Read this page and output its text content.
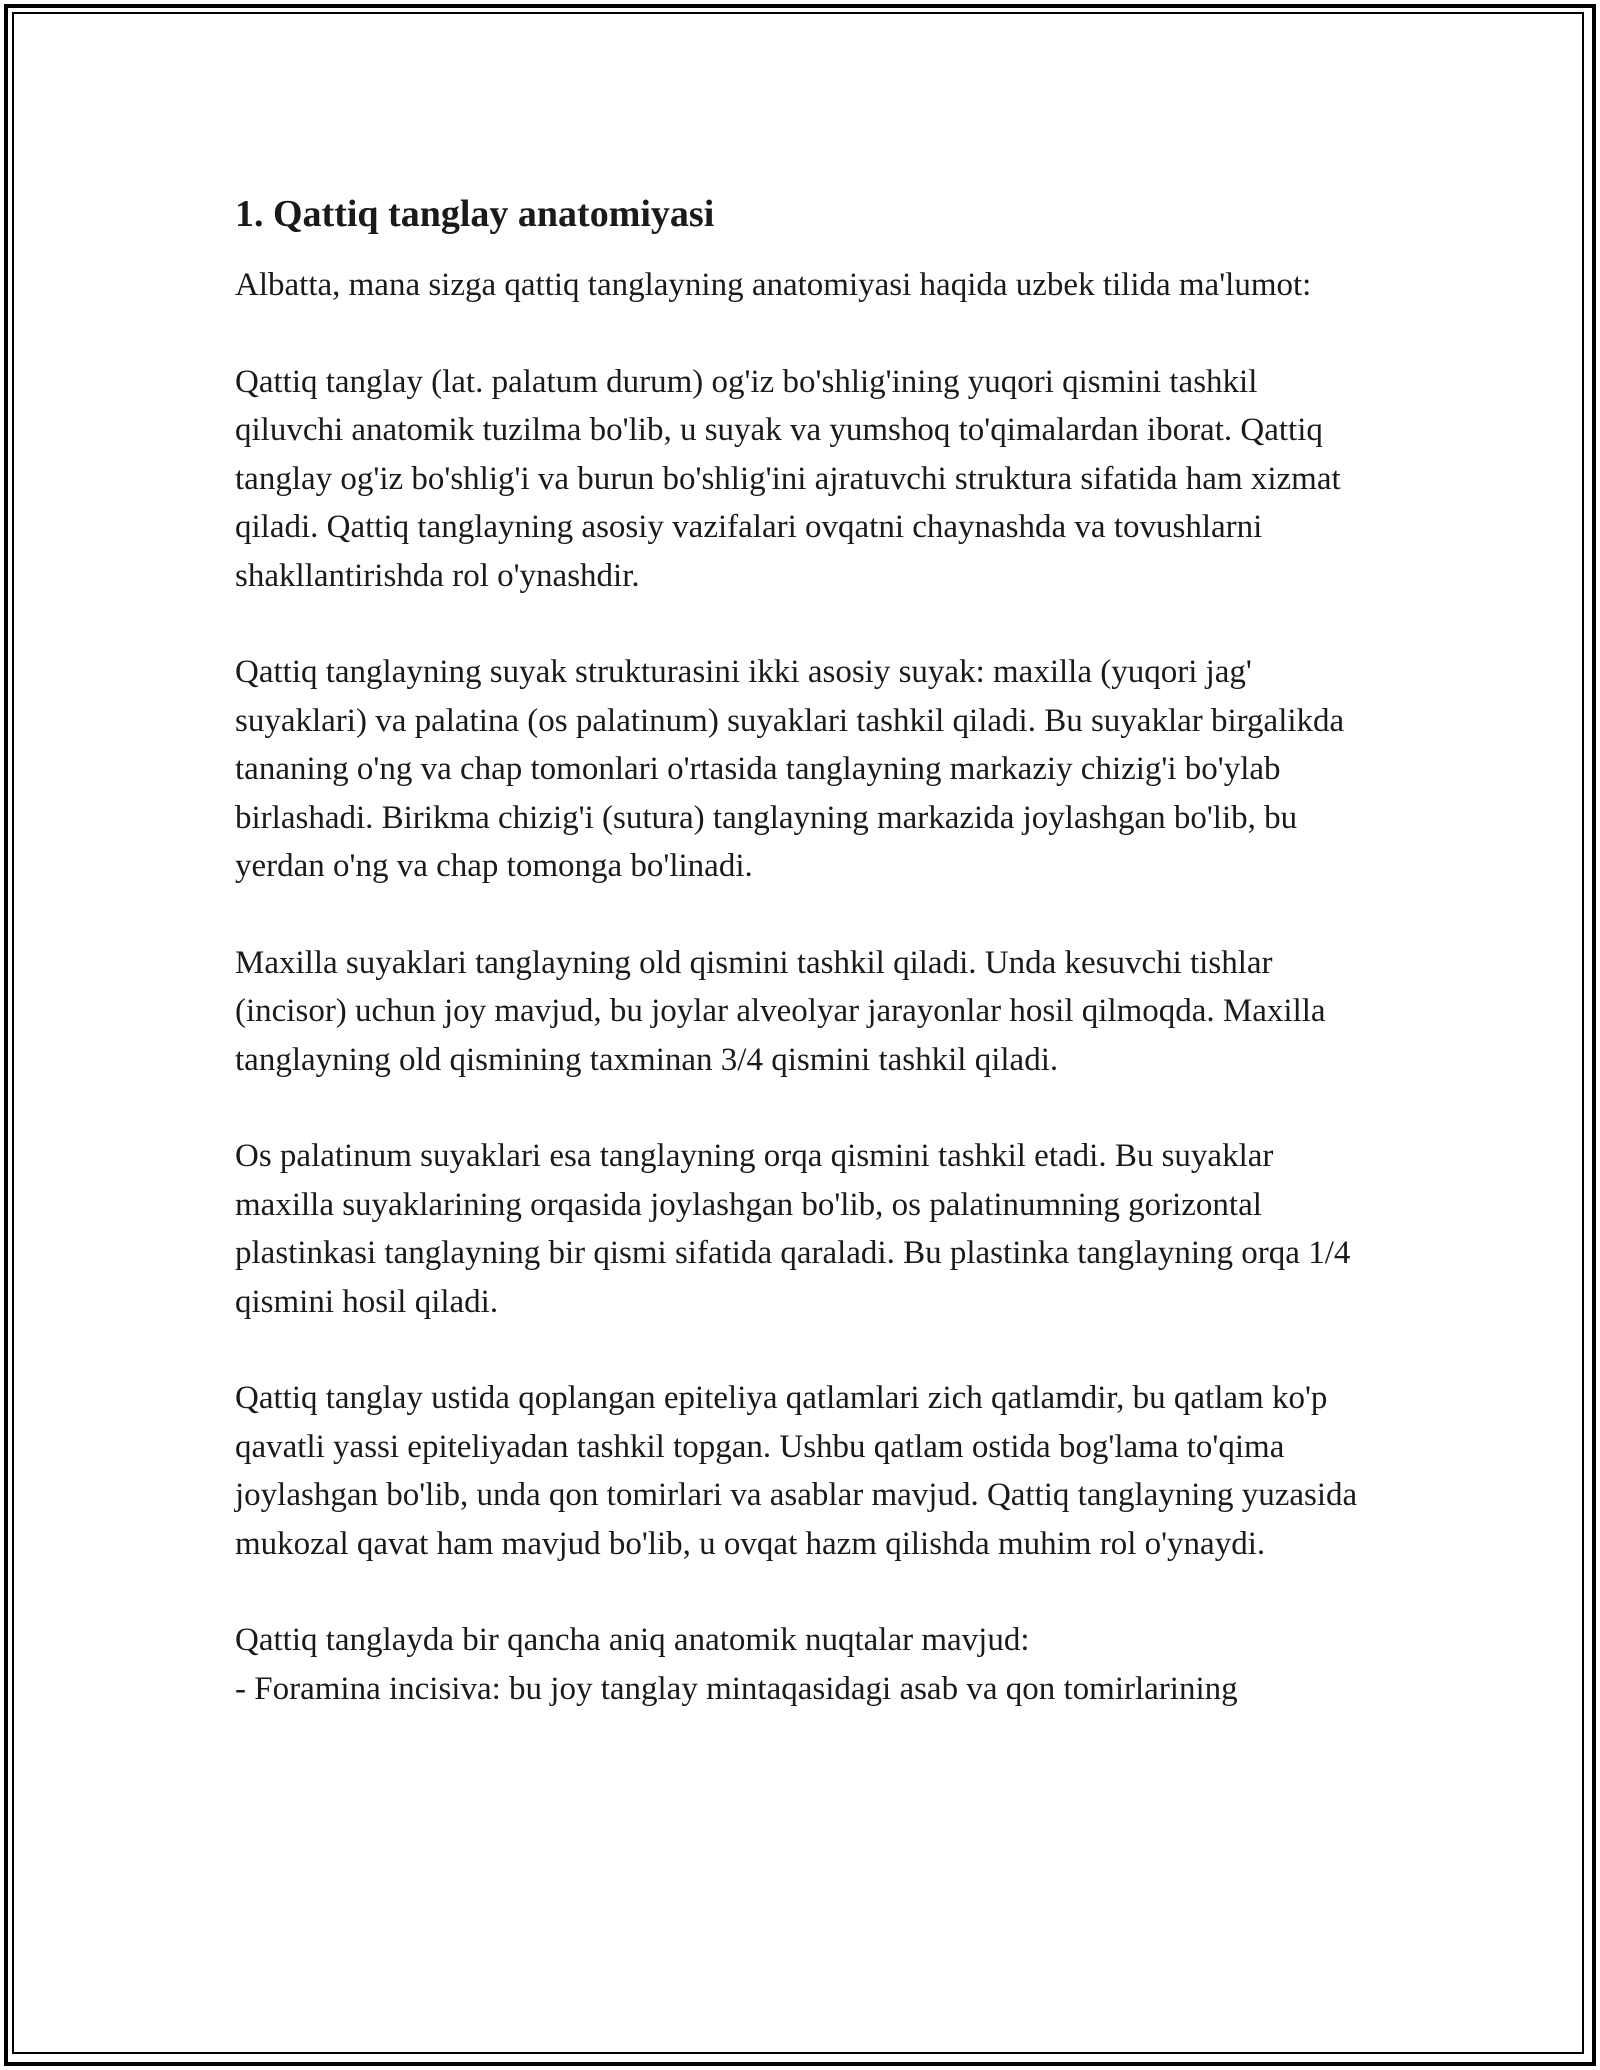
1. Qattiq tanglay anatomiyasi

Albatta, mana sizga qattiq tanglayning anatomiyasi haqida uzbek tilida ma'lumot:

Qattiq tanglay (lat. palatum durum) og'iz bo'shlig'ining yuqori qismini tashkil qiluvchi anatomik tuzilma bo'lib, u suyak va yumshoq to'qimalardan iborat. Qattiq tanglay og'iz bo'shlig'i va burun bo'shlig'ini ajratuvchi struktura sifatida ham xizmat qiladi. Qattiq tanglayning asosiy vazifalari ovqatni chaynashda va tovushlarni shakllantirishda rol o'ynashdir.

Qattiq tanglayning suyak strukturasini ikki asosiy suyak: maxilla (yuqori jag' suyaklari) va palatina (os palatinum) suyaklari tashkil qiladi. Bu suyaklar birgalikda tananing o'ng va chap tomonlari o'rtasida tanglayning markaziy chizig'i bo'ylab birlashadi. Birikma chizig'i (sutura) tanglayning markazida joylashgan bo'lib, bu yerdan o'ng va chap tomonga bo'linadi.

Maxilla suyaklari tanglayning old qismini tashkil qiladi. Unda kesuvchi tishlar (incisor) uchun joy mavjud, bu joylar alveolyar jarayonlar hosil qilmoqda. Maxilla tanglayning old qismining taxminan 3/4 qismini tashkil qiladi.

Os palatinum suyaklari esa tanglayning orqa qismini tashkil etadi. Bu suyaklar maxilla suyaklarining orqasida joylashgan bo'lib, os palatinumning gorizontal plastinkasi tanglayning bir qismi sifatida qaraladi. Bu plastinka tanglayning orqa 1/4 qismini hosil qiladi.

Qattiq tanglay ustida qoplangan epiteliya qatlamlari zich qatlamdir, bu qatlam ko'p qavatli yassi epiteliyadan tashkil topgan. Ushbu qatlam ostida bog'lama to'qima joylashgan bo'lib, unda qon tomirlari va asablar mavjud. Qattiq tanglayning yuzasida mukozal qavat ham mavjud bo'lib, u ovqat hazm qilishda muhim rol o'ynaydi.

Qattiq tanglayda bir qancha aniq anatomik nuqtalar mavjud:

- Foramina incisiva: bu joy tanglay mintaqasidagi asab va qon tomirlarining
